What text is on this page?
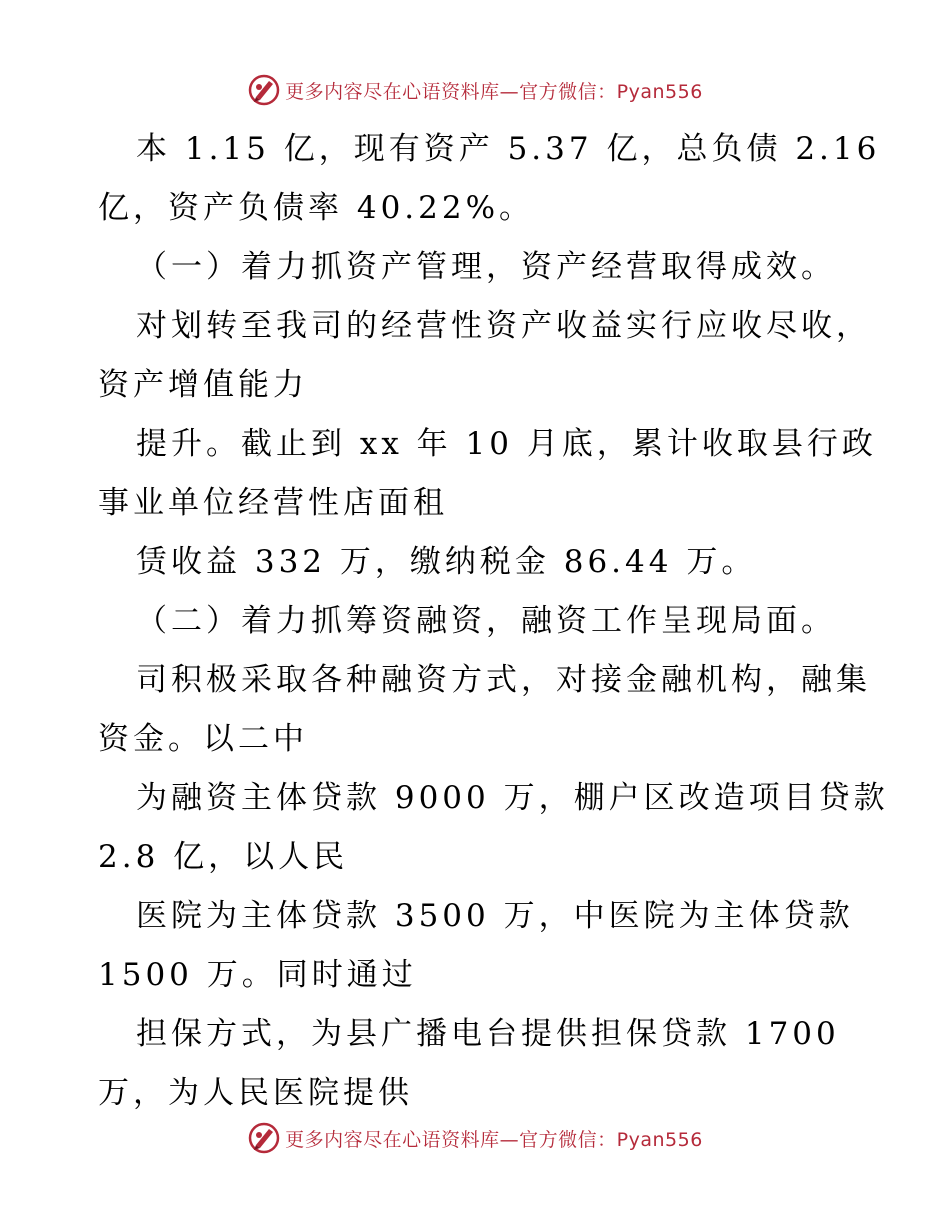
更多内容尽在心语资料库—官方微信：Pyan556
本 1.15 亿，现有资产 5.37 亿，总负债 2.16
亿，资产负债率 40.22%。
（一）着力抓资产管理，资产经营取得成效。
对划转至我司的经营性资产收益实行应收尽收，
资产增值能力
提升。截止到 xx 年 10 月底，累计收取县行政
事业单位经营性店面租
赁收益 332 万，缴纳税金 86.44 万。
（二）着力抓筹资融资，融资工作呈现局面。
司积极采取各种融资方式，对接金融机构，融集
资金。以二中
为融资主体贷款 9000 万，棚户区改造项目贷款
2.8 亿，以人民
医院为主体贷款 3500 万，中医院为主体贷款
1500 万。同时通过
担保方式，为县广播电台提供担保贷款 1700
万，为人民医院提供
更多内容尽在心语资料库—官方微信：Pyan556
